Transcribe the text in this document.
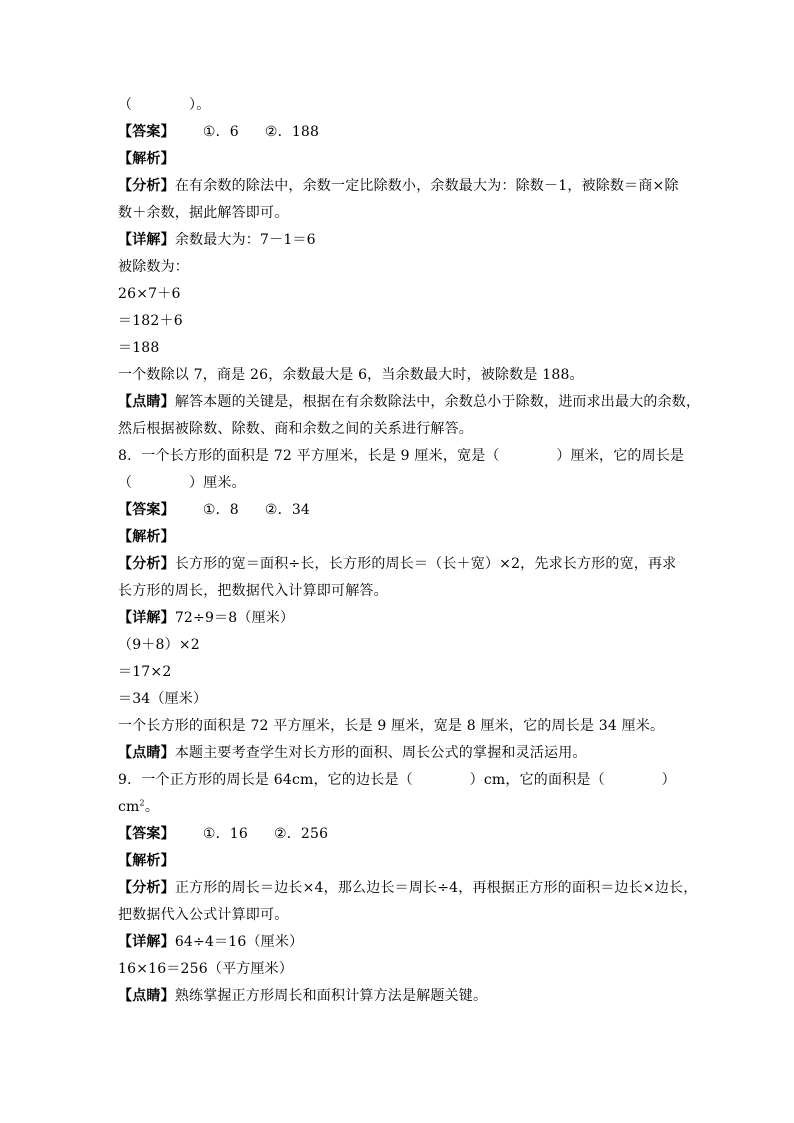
（　　　　）。
【答案】 ①．6 ②．188
【解析】
【分析】在有余数的除法中，余数一定比除数小，余数最大为：除数－1，被除数＝商×除
数＋余数，据此解答即可。
【详解】余数最大为：7－1＝6
被除数为：
26×7＋6
＝182＋6
＝188
一个数除以 7，商是 26，余数最大是 6，当余数最大时，被除数是 188。
【点睛】解答本题的关键是，根据在有余数除法中，余数总小于除数，进而求出最大的余数，
然后根据被除数、除数、商和余数之间的关系进行解答。
8．一个长方形的面积是 72 平方厘米，长是 9 厘米，宽是（　　　　）厘米，它的周长是
（　　　　）厘米。
【答案】 ①．8 ②．34
【解析】
【分析】长方形的宽＝面积÷长，长方形的周长＝（长＋宽）×2，先求长方形的宽，再求
长方形的周长，把数据代入计算即可解答。
【详解】72÷9＝8（厘米）
（9＋8）×2
＝17×2
＝34（厘米）
一个长方形的面积是 72 平方厘米，长是 9 厘米，宽是 8 厘米，它的周长是 34 厘米。
【点睛】本题主要考查学生对长方形的面积、周长公式的掌握和灵活运用。
9．一个正方形的周长是 64cm，它的边长是（　　　　）cm，它的面积是（　　　　）
$cm^2$。
【答案】 ①．16 ②．256
【解析】
【分析】正方形的周长＝边长×4，那么边长＝周长÷4，再根据正方形的面积＝边长×边长，
把数据代入公式计算即可。
【详解】64÷4＝16（厘米）
16×16＝256（平方厘米）
【点睛】熟练掌握正方形周长和面积计算方法是解题关键。
